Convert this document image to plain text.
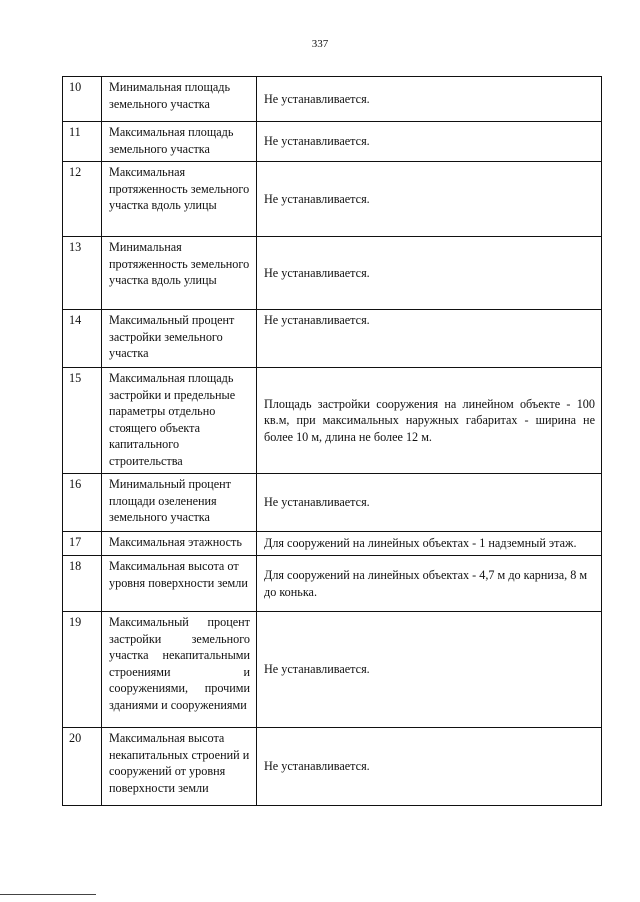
337
10	Минимальная площадь земельного участка	Не устанавливается.
11	Максимальная площадь земельного участка	Не устанавливается.
12	Максимальная протяженность земельного участка вдоль улицы	Не устанавливается.
13	Минимальная протяженность земельного участка вдоль улицы	Не устанавливается.
14	Максимальный процент застройки земельного участка	Не устанавливается.
15	Максимальная площадь застройки и предельные параметры отдельно стоящего объекта капитального строительства	Площадь застройки сооружения на линейном объекте - 100 кв.м, при максимальных наружных габаритах - ширина не более 10 м, длина не более 12 м.

16	Минимальный процент площади озеленения земельного участка	Не устанавливается.
17	Максимальная этажность	Для сооружений на линейных объектах - 1 надземный этаж.
18	Максимальная высота от уровня поверхности земли	Для сооружений на линейных объектах - 4,7 м до карниза, 8 м до конька.
19	Максимальный процент застройки земельного участка некапитальными строениями и сооружениями, прочими зданиями и сооружениями	Не устанавливается.
20	Максимальная высота некапитальных строений и сооружений от уровня поверхности земли	Не устанавливается.
